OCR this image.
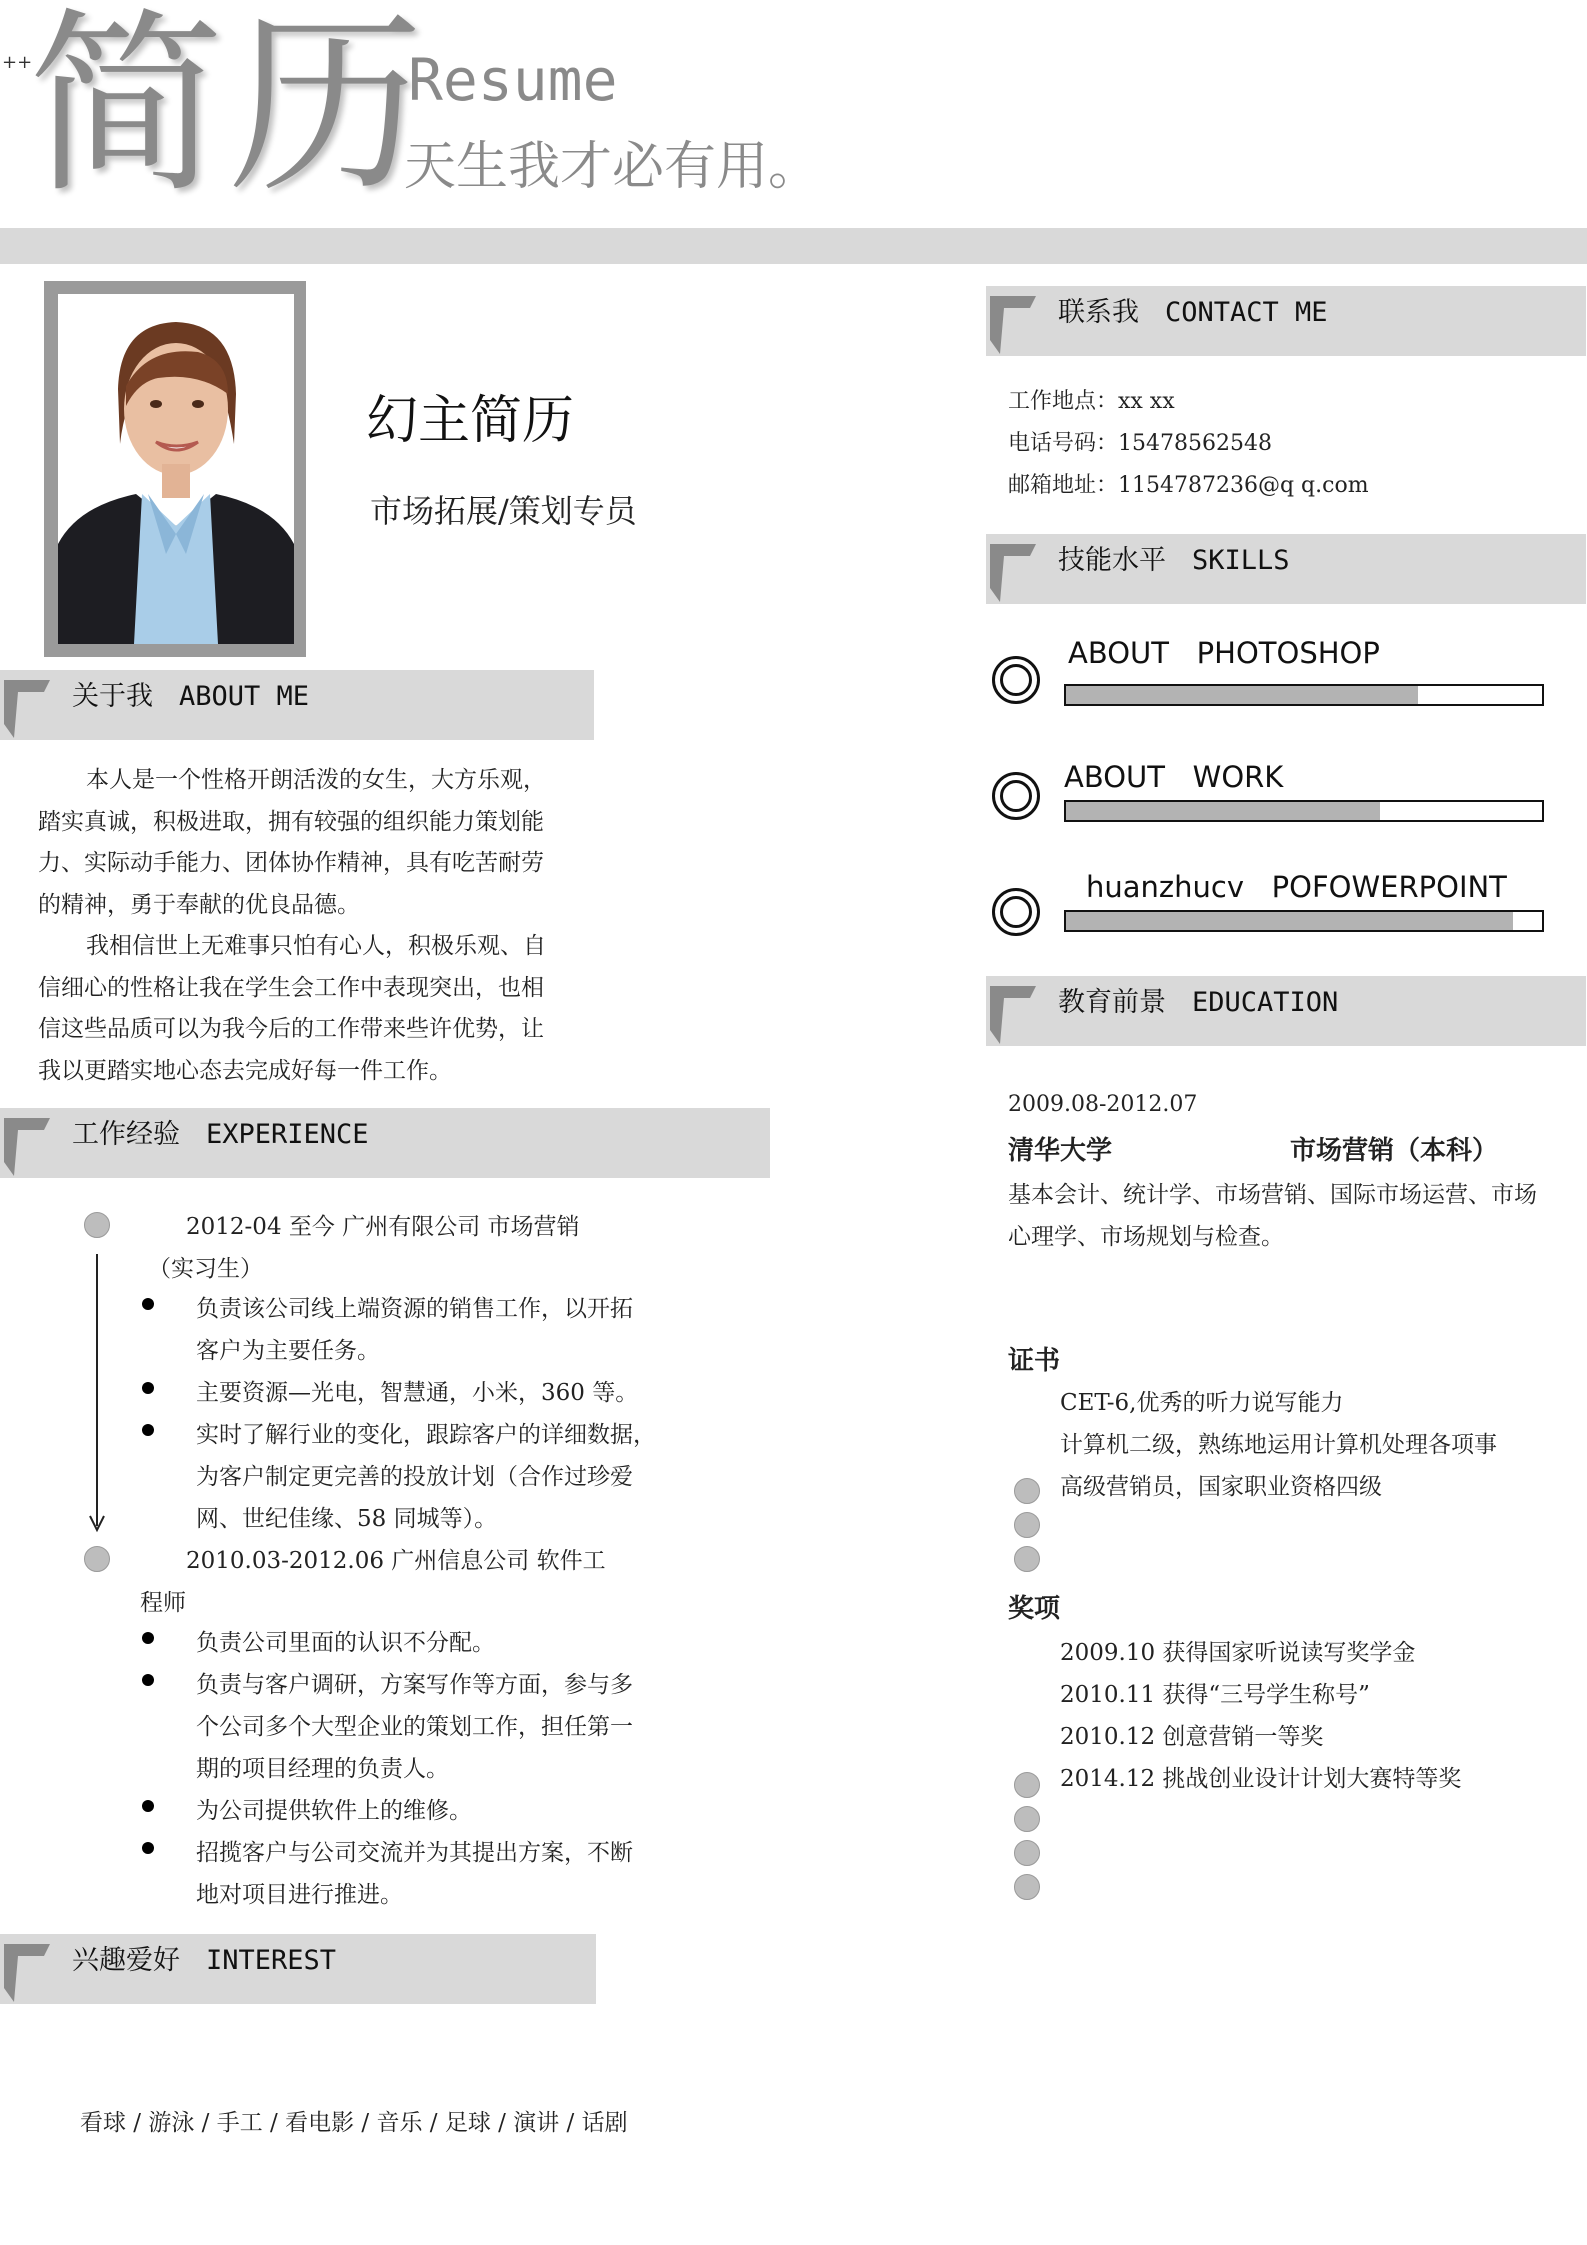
++
简历
Resume
天生我才必有用。
幻主简历
市场拓展/策划专员
关于我 ABOUT ME
本人是一个性格开朗活泼的女生，大方乐观，
踏实真诚，积极进取，拥有较强的组织能力策划能
力、实际动手能力、团体协作精神，具有吃苦耐劳
的精神，勇于奉献的优良品德。
我相信世上无难事只怕有心人，积极乐观、自
信细心的性格让我在学生会工作中表现突出，也相
信这些品质可以为我今后的工作带来些许优势，让
我以更踏实地心态去完成好每一件工作。
工作经验 EXPERIENCE
2012-04 至今 广州有限公司 市场营销
（实习生）
负责该公司线上端资源的销售工作，以开拓
客户为主要任务。
主要资源—光电，智慧通，小米，360 等。
实时了解行业的变化，跟踪客户的详细数据，
为客户制定更完善的投放计划（合作过珍爱
网、世纪佳缘、58 同城等）。
2010.03-2012.06 广州信息公司 软件工
程师
负责公司里面的认识不分配。
负责与客户调研，方案写作等方面，参与多
个公司多个大型企业的策划工作，担任第一
期的项目经理的负责人。
为公司提供软件上的维修。
招揽客户与公司交流并为其提出方案，不断
地对项目进行推进。
兴趣爱好 INTEREST
看球 / 游泳 / 手工 / 看电影 / 音乐 / 足球 / 演讲 / 话剧
联系我 CONTACT ME
工作地点：xx xx
电话号码：15478562548
邮箱地址：1154787236@q q.com
技能水平 SKILLS
ABOUT PHOTOSHOP
ABOUT WORK
huanzhucv POFOWERPOINT
教育前景 EDUCATION
2009.08-2012.07
清华大学	市场营销（本科）
基本会计、统计学、市场营销、国际市场运营、市场
心理学、市场规划与检查。
证书
CET-6,优秀的听力说写能力
计算机二级，熟练地运用计算机处理各项事
高级营销员，国家职业资格四级
奖项
2009.10 获得国家听说读写奖学金
2010.11 获得“三号学生称号”
2010.12 创意营销一等奖
2014.12 挑战创业设计计划大赛特等奖
